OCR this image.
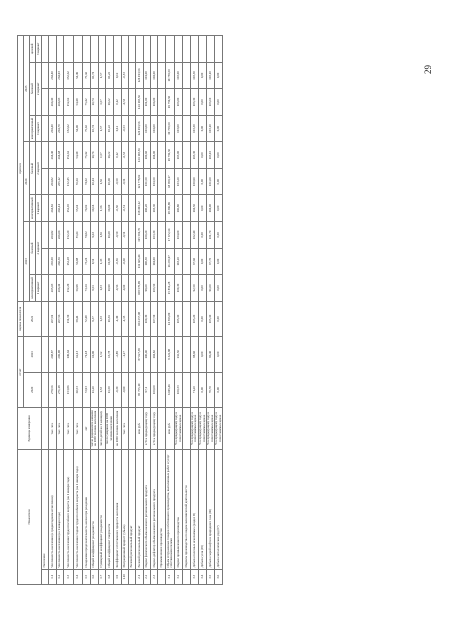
29
Показатели		Единица измерения	отчет		оценка показателя	прогноз									
			2020	2021	2022	2023			2024			2025			
						консервативный	базовый		консервативный	базовый		консервативный	базовый		целевой
						1 вариант	2 вариант		1 вариант	2 вариант		1 вариант	2 вариант		3 вариант
	Население														
1.1	Численность населения (в среднегодовом исчислении)	тыс. чел.	279,56	268,87	267,01	265,03	265,00	264,82	264,82	264,82	264,40	264,40	264,40	264,40	
1.2	Численность населения (на 1 января года)	тыс. чел.	271,18	269,98	267,56	266,41	266,36	266,04	266,14	265,12	264,68	264,70	264,93	264,93	
1.3	Численность населения трудоспособного возраста (на 1 января года)	тыс. чел.	153,86	149,64	151,59	152,29	152,28	152,20	152,45	152,45	152,62	152,62	152,62	152,62	
1.4	Численность населения старше трудоспособного возраста (на 1 января года)	тыс. чел.	60,53	62,13	58,41	56,98	56,98	55,61	55,61	55,61	54,49	54,49	54,49	54,49	
1.5	Ожидаемая продолжительность жизни при рождении	лет	72,93	71,18	72,49	73,24	73,24	74,02	74,02	74,02	75,42	75,42	75,42	75,42	
1.6	Общий коэффициент рождаемости	число родившихся живыми на 1000 человек населения	11,20	10,90	9,37	9,51	9,51	9,63	10,14	10,14	10,74	10,74	10,74	10,74	
1.7	Суммарный коэффициент рождаемости	число детей на 1 женщину	1,53	1,52	1,33	1,33	1,33	1,56	1,56	1,56	1,57	1,57	1,57	1,57	
1.8	Общий коэффициент смертности	число умерших на 1000 человек населения	11,50	13,78	10,34	10,90	10,90	10,69	10,69	10,69	10,22	10,22	10,22	10,22	
1.9	Коэффициент естественного прироста населения	на 1000 человек населения	-0,30	-2,89	-1,49	-0,56	-0,56	-0,50	-0,50	-0,50	0,12	0,12	0,12	0,12	
1.10	Миграционный прирост (убыль)	тыс. чел.	-0,90	-1,27	-1,15	-0,60	-0,60	-0,51	-0,51	-0,51	-0,53	-0,53	-0,53	-0,53	
	Валовой региональный продукт														
2.1	Валовой региональный продукт	млн руб.	95 755,10	87 027,39	104 257,08	108 570,99	111 665,44	115 591,76	118 493,12	121 778,92	124 193,56	124 193,56	124 193,56	124 193,56	
2.2	Индекс физического объема валового регионального продукта	в % к предыдущему году	97,1	100,40	100,30	99,60	100,30	100,20	100,20	101,50	100,60	101,00	101,00	101,00	
2.3	Индекс-дефлятор объема валового регионального продукта	в % к предыдущему году	100,00	104,82	107,59	103,50	104,00	103,30	103,30	104,50	104,00	104,00	104,00	104,00	
	Промышленное производство														
3.1	Объем отгруженных товаров собственного производства, выполненных работ и услуг собственными силами	млн руб.	6 695,46	9 322,88	14 593,09	15 851,28	16 235,97	17 672,14	18 396,89	18 959,17	19 759,50	19 759,50	19 759,50	19 759,50	
3.2	Индекс промышленного производства	% к предыдущему году в сопоставимых ценах	100,33	132,50	105,10	100,30	103,20	104,00	106,80	103,20	103,00	103,00	103,00	103,00	
	Индексы производства по видам экономической деятельности														
3.3	Добыча полезных ископаемых (раздел B)	% к предыдущему году в сопоставимых ценах	71,20	98,60	105,20	92,50	97,60	102,40	104,50	100,90	103,30	103,30	103,30	103,30	
3.4	Добыча угля (05)	% к предыдущему году в сопоставимых ценах	0,00	0,00	0,00	0,00	0,00	0,00	0,00	0,00	0,00	0,00	0,00	0,00	
3.5	Добыча сырой нефти и природного газа (06)	% к предыдущему году в сопоставимых ценах	70,70	96,40	105,10	91,00	97,70	101,70	104,00	101,00	103,10	103,10	103,10	103,10	
3.6	Добыча металлических руд (07)	% к предыдущему году в сопоставимых ценах	0,00	0,00	0,00	0,00	0,00	0,00	0,00	0,00	0,00	0,00	0,00	0,00	
